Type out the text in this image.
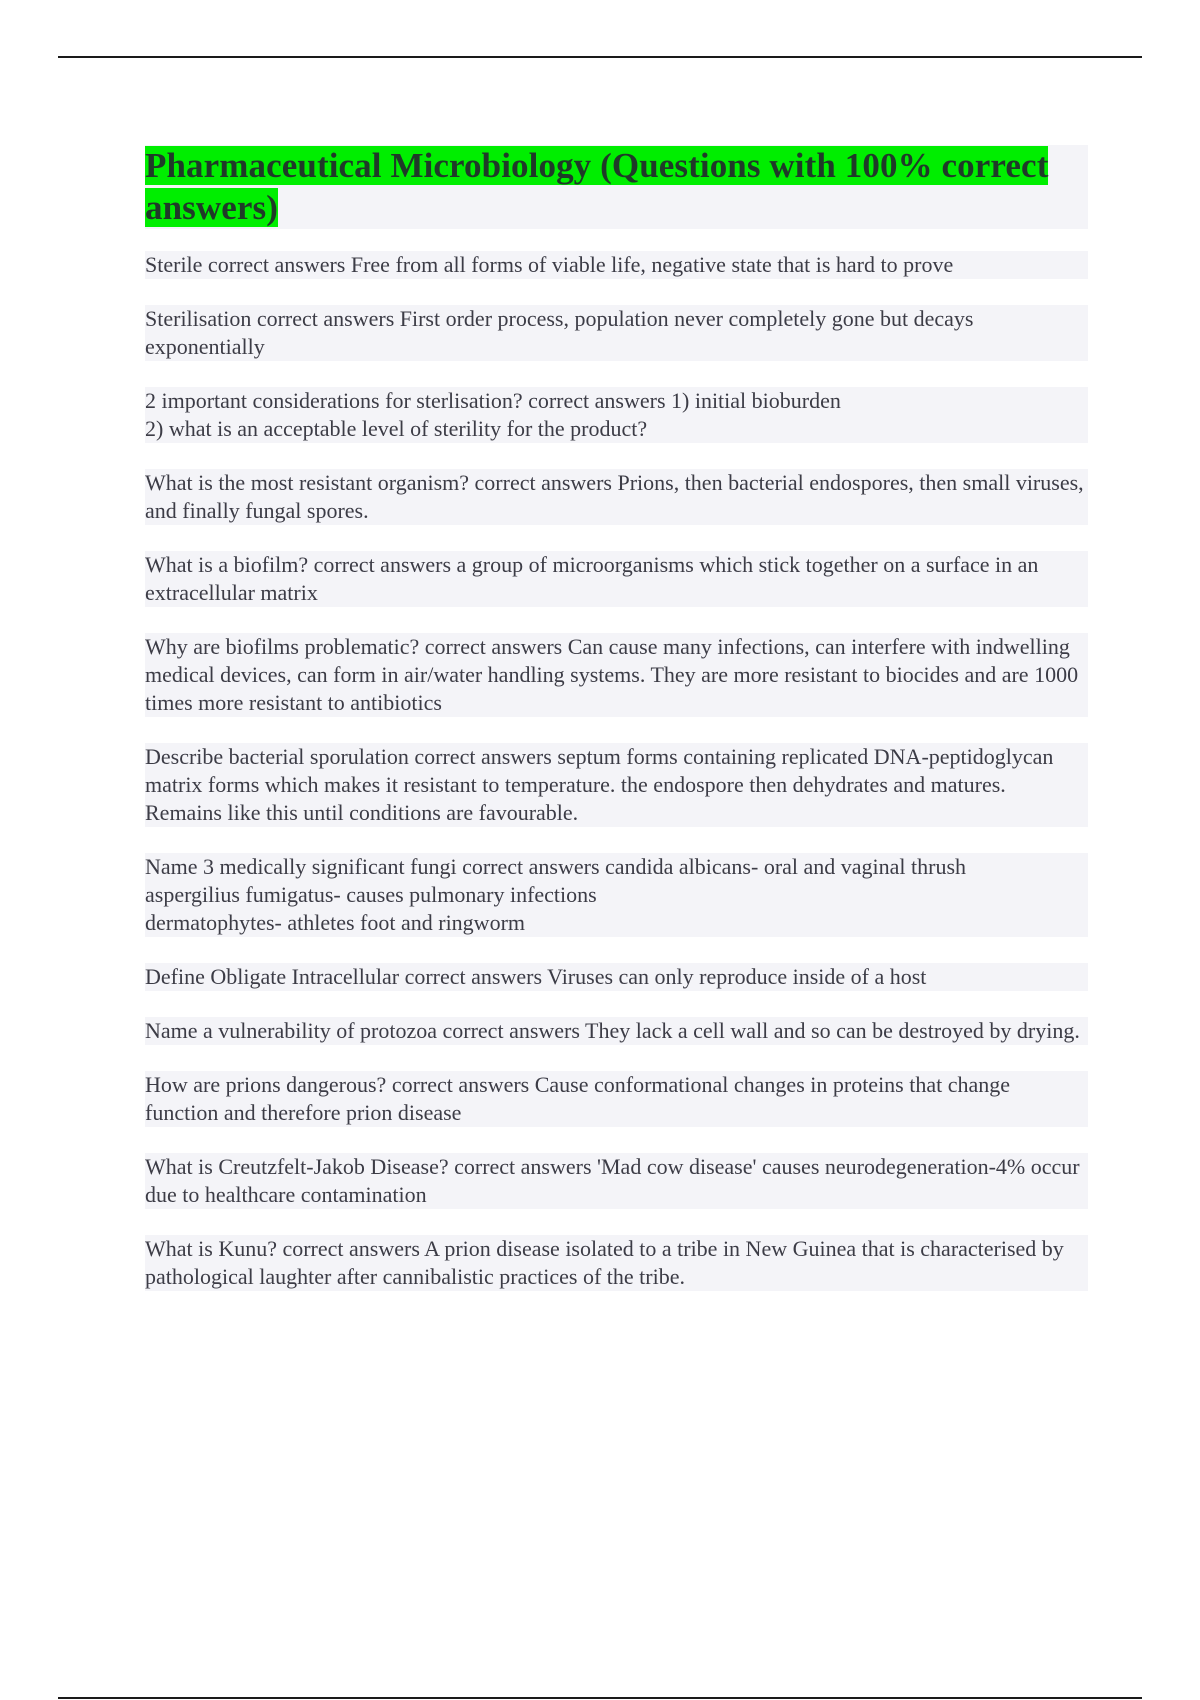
Pharmaceutical Microbiology (Questions with 100% correct answers)

Sterile correct answers Free from all forms of viable life, negative state that is hard to prove

Sterilisation correct answers First order process, population never completely gone but decays exponentially

2 important considerations for sterlisation? correct answers 1) initial bioburden
2) what is an acceptable level of sterility for the product?

What is the most resistant organism? correct answers Prions, then bacterial endospores, then small viruses, and finally fungal spores.

What is a biofilm? correct answers a group of microorganisms which stick together on a surface in an extracellular matrix

Why are biofilms problematic? correct answers Can cause many infections, can interfere with indwelling medical devices, can form in air/water handling systems. They are more resistant to biocides and are 1000 times more resistant to antibiotics

Describe bacterial sporulation correct answers septum forms containing replicated DNA-peptidoglycan matrix forms which makes it resistant to temperature. the endospore then dehydrates and matures. Remains like this until conditions are favourable.

Name 3 medically significant fungi correct answers candida albicans- oral and vaginal thrush
aspergilius fumigatus- causes pulmonary infections
dermatophytes- athletes foot and ringworm

Define Obligate Intracellular correct answers Viruses can only reproduce inside of a host

Name a vulnerability of protozoa correct answers They lack a cell wall and so can be destroyed by drying.

How are prions dangerous? correct answers Cause conformational changes in proteins that change function and therefore prion disease

What is Creutzfelt-Jakob Disease? correct answers 'Mad cow disease' causes neurodegeneration-4% occur due to healthcare contamination

What is Kunu? correct answers A prion disease isolated to a tribe in New Guinea that is characterised by pathological laughter after cannibalistic practices of the tribe.
